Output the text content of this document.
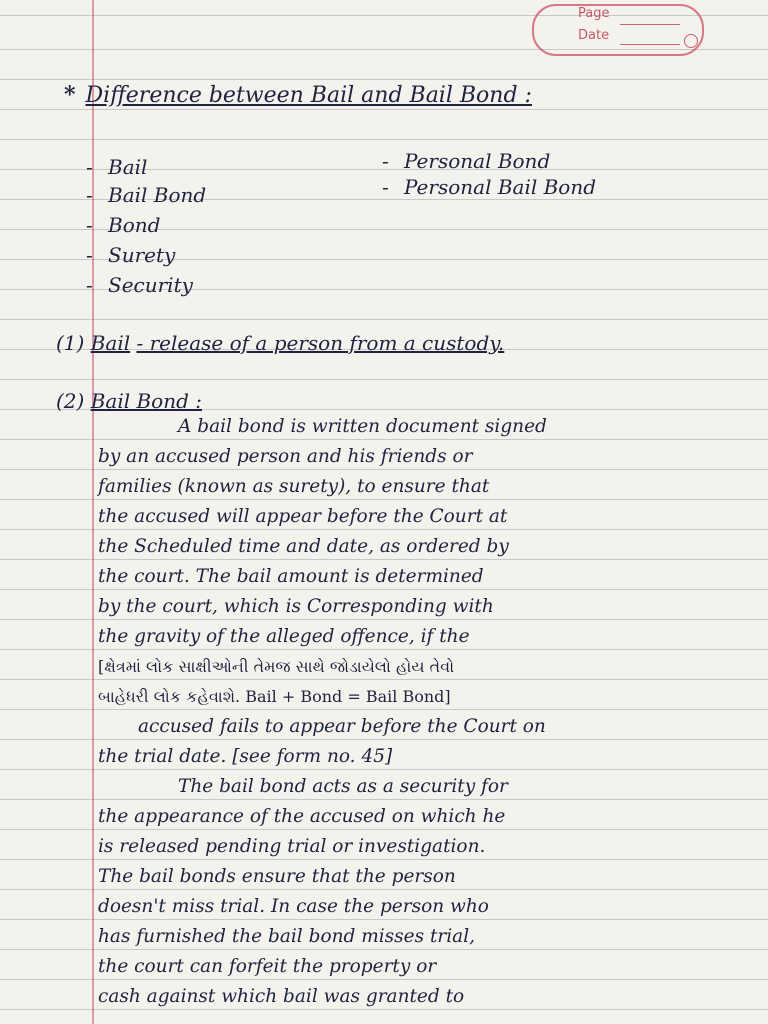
Page
Date
* Difference between Bail and Bail Bond :
- Bail
- Bail Bond
- Bond
- Surety
- Security
- Personal Bond
- Personal Bail Bond
(1) Bail - release of a person from a custody.
(2) Bail Bond :
A bail bond is written document signed
by an accused person and his friends or
families (known as surety), to ensure that
the accused will appear before the Court at
the Scheduled time and date, as ordered by
the court. The bail amount is determined
by the court, which is Corresponding with
the gravity of the alleged offence, if the
[ક્ષેત્રમાં લોક સાક્ષીઓની તેમજ સાથે જોડાયેલો હોય તેવો
બાહેધરી લોક કહેવાશે. Bail + Bond = Bail Bond]
accused fails to appear before the Court on
the trial date. [see form no. 45]
The bail bond acts as a security for
the appearance of the accused on which he
is released pending trial or investigation.
The bail bonds ensure that the person
doesn't miss trial. In case the person who
has furnished the bail bond misses trial,
the court can forfeit the property or
cash against which bail was granted to
